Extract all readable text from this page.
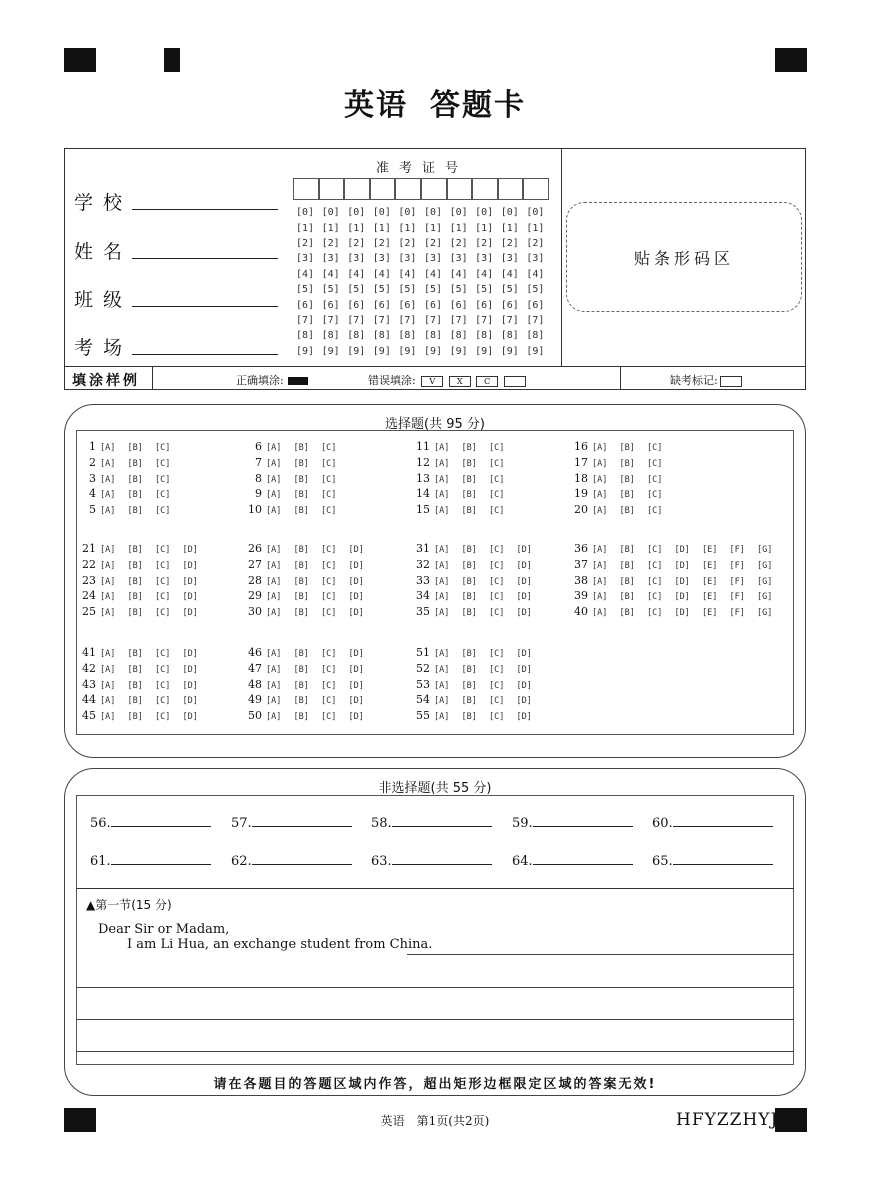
英语 答题卡
学校
姓名
班级
考场
准考证号
[0] [0] [0] [0] [0] [0] [0] [0] [0] [0]
[1] [1] [1] [1] [1] [1] [1] [1] [1] [1]
[2] [2] [2] [2] [2] [2] [2] [2] [2] [2]
[3] [3] [3] [3] [3] [3] [3] [3] [3] [3]
[4] [4] [4] [4] [4] [4] [4] [4] [4] [4]
[5] [5] [5] [5] [5] [5] [5] [5] [5] [5]
[6] [6] [6] [6] [6] [6] [6] [6] [6] [6]
[7] [7] [7] [7] [7] [7] [7] [7] [7] [7]
[8] [8] [8] [8] [8] [8] [8] [8] [8] [8]
[9] [9] [9] [9] [9] [9] [9] [9] [9] [9]
贴条形码区
填涂样例	正确填涂:	错误填涂: V	X	C	缺考标记:
选择题(共 95 分)
非选择题(共 55 分)
▲第一节(15 分)
Dear Sir or Madam,
I am Li Hua, an exchange student from China.
请在各题目的答题区域内作答，超出矩形边框限定区域的答案无效!
英语　第1页(共2页)	HFYZZHYJ
1 [A] [B] [C]
2 [A] [B] [C]
3 [A] [B] [C]
4 [A] [B] [C]
5 [A] [B] [C]
6 [A] [B] [C]
7 [A] [B] [C]
8 [A] [B] [C]
9 [A] [B] [C]
10 [A] [B] [C]
11 [A] [B] [C]
12 [A] [B] [C]
13 [A] [B] [C]
14 [A] [B] [C]
15 [A] [B] [C]
16 [A] [B] [C]
17 [A] [B] [C]
18 [A] [B] [C]
19 [A] [B] [C]
20 [A] [B] [C]
21 [A] [B] [C] [D]
22 [A] [B] [C] [D]
23 [A] [B] [C] [D]
24 [A] [B] [C] [D]
25 [A] [B] [C] [D]
26 [A] [B] [C] [D]
27 [A] [B] [C] [D]
28 [A] [B] [C] [D]
29 [A] [B] [C] [D]
30 [A] [B] [C] [D]
31 [A] [B] [C] [D]
32 [A] [B] [C] [D]
33 [A] [B] [C] [D]
34 [A] [B] [C] [D]
35 [A] [B] [C] [D]
36 [A] [B] [C] [D] [E] [F] [G]
37 [A] [B] [C] [D] [E] [F] [G]
38 [A] [B] [C] [D] [E] [F] [G]
39 [A] [B] [C] [D] [E] [F] [G]
40 [A] [B] [C] [D] [E] [F] [G]
41 [A] [B] [C] [D]
42 [A] [B] [C] [D]
43 [A] [B] [C] [D]
44 [A] [B] [C] [D]
45 [A] [B] [C] [D]
46 [A] [B] [C] [D]
47 [A] [B] [C] [D]
48 [A] [B] [C] [D]
49 [A] [B] [C] [D]
50 [A] [B] [C] [D]
51 [A] [B] [C] [D]
52 [A] [B] [C] [D]
53 [A] [B] [C] [D]
54 [A] [B] [C] [D]
55 [A] [B] [C] [D]
56.	57.	58.	59.	60.
61.	62.	63.	64.	65.
